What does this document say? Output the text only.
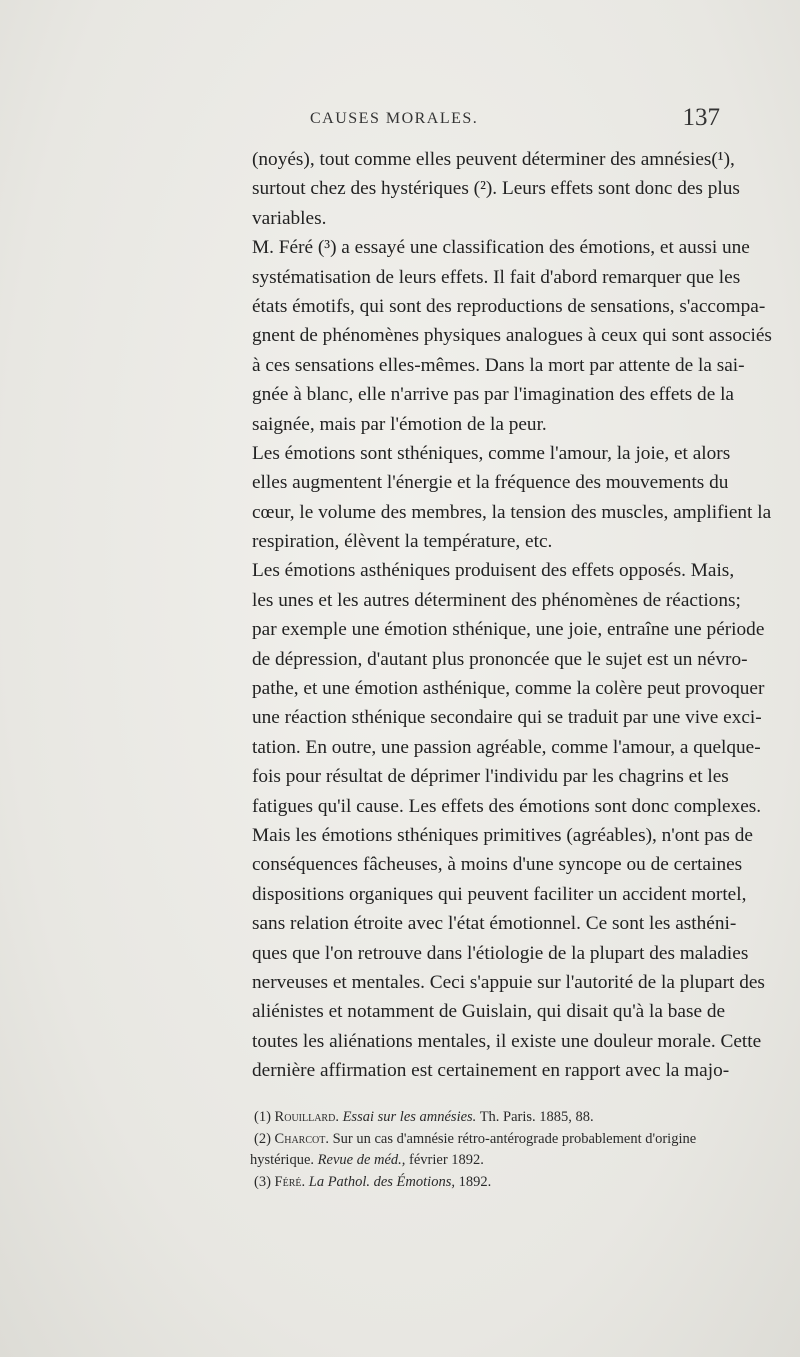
CAUSES MORALES.	137
(noyés), tout comme elles peuvent déterminer des amnésies(¹),
surtout chez des hystériques (²). Leurs effets sont donc des plus
variables.
M. Féré (³) a essayé une classification des émotions, et aussi une
systématisation de leurs effets. Il fait d'abord remarquer que les
états émotifs, qui sont des reproductions de sensations, s'accompa-
gnent de phénomènes physiques analogues à ceux qui sont associés
à ces sensations elles-mêmes. Dans la mort par attente de la sai-
gnée à blanc, elle n'arrive pas par l'imagination des effets de la
saignée, mais par l'émotion de la peur.
Les émotions sont sthéniques, comme l'amour, la joie, et alors
elles augmentent l'énergie et la fréquence des mouvements du
cœur, le volume des membres, la tension des muscles, amplifient la
respiration, élèvent la température, etc.
Les émotions asthéniques produisent des effets opposés. Mais,
les unes et les autres déterminent des phénomènes de réactions;
par exemple une émotion sthénique, une joie, entraîne une période
de dépression, d'autant plus prononcée que le sujet est un névro-
pathe, et une émotion asthénique, comme la colère peut provoquer
une réaction sthénique secondaire qui se traduit par une vive exci-
tation. En outre, une passion agréable, comme l'amour, a quelque-
fois pour résultat de déprimer l'individu par les chagrins et les
fatigues qu'il cause. Les effets des émotions sont donc complexes.
Mais les émotions sthéniques primitives (agréables), n'ont pas de
conséquences fâcheuses, à moins d'une syncope ou de certaines
dispositions organiques qui peuvent faciliter un accident mortel,
sans relation étroite avec l'état émotionnel. Ce sont les asthéni-
ques que l'on retrouve dans l'étiologie de la plupart des maladies
nerveuses et mentales. Ceci s'appuie sur l'autorité de la plupart des
aliénistes et notamment de Guislain, qui disait qu'à la base de
toutes les aliénations mentales, il existe une douleur morale. Cette
dernière affirmation est certainement en rapport avec la majo-
(1) Rouillard. Essai sur les amnésies. Th. Paris. 1885, 88.
(2) Charcot. Sur un cas d'amnésie rétro-antérograde probablement d'origine
hystérique. Revue de méd., février 1892.
(3) Féré. La Pathol. des Émotions, 1892.
